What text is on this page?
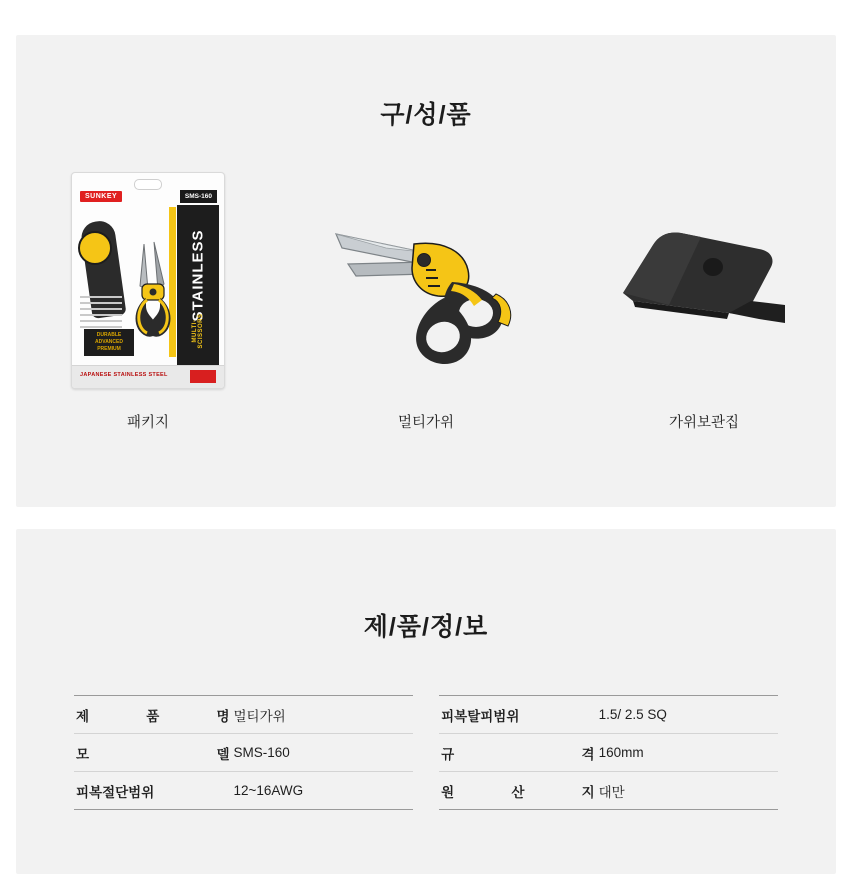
구/성/품
SUNKEY	SMS-160
STAINLESS
MULTI-SCISSORS
DURABLE ADVANCED PREMIUM
JAPANESE STAINLESS STEEL
패키지	멀티가위	가위보관집
제/품/정/보
제 품 명	멀티가위		피복탈피범위	1.5/ 2.5 SQ
모 델	SMS-160		규 격	160mm
피복절단범위	12~16AWG		원 산 지	대만
